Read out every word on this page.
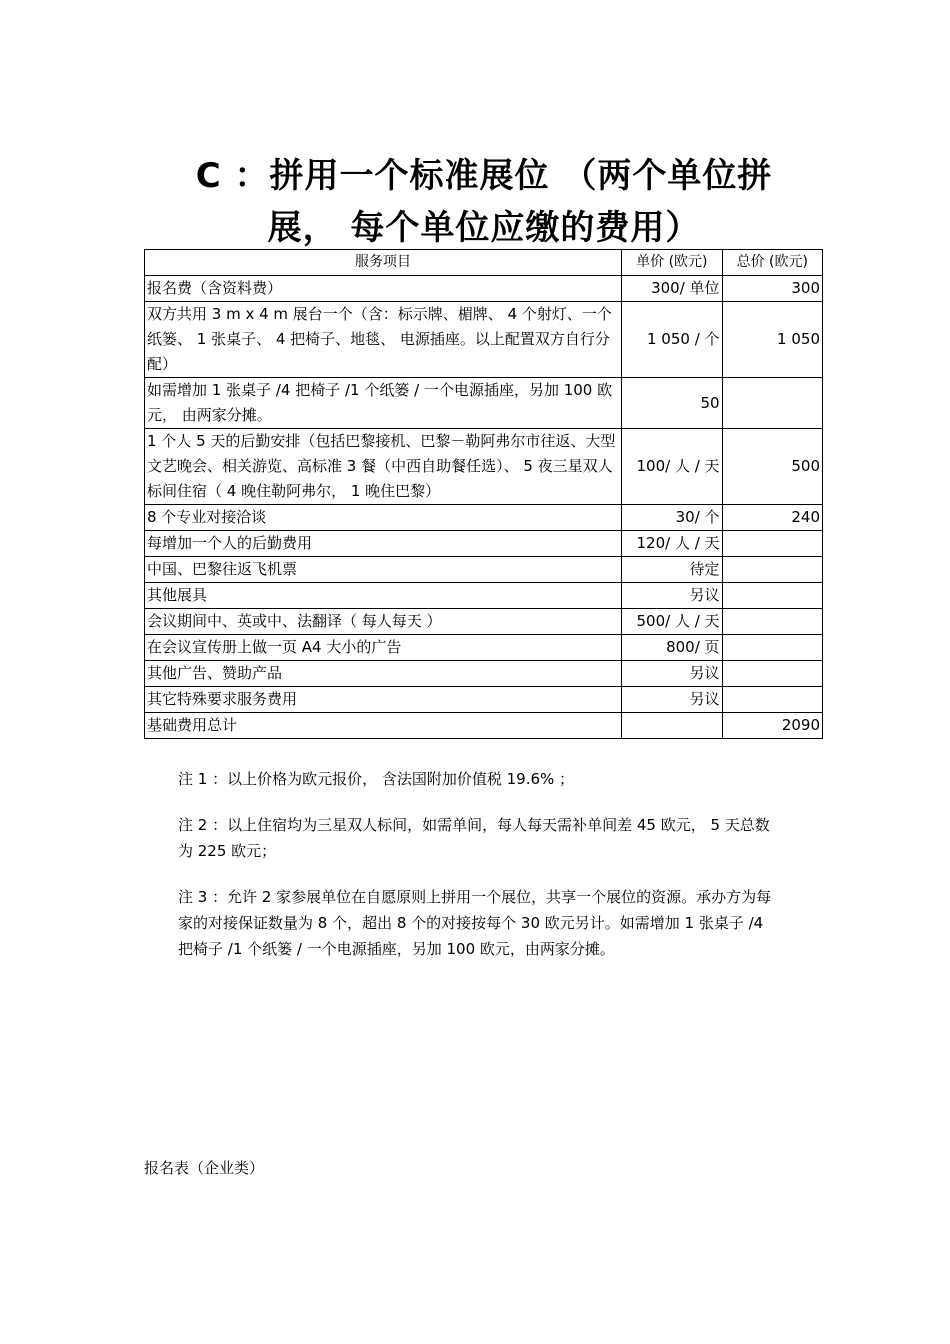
C ：拼用一个标准展位 （两个单位拼
展， 每个单位应缴的费用）
服务项目	单价 (欧元)	总价 (欧元)
报名费（含资料费）	300/ 单位	300
双方共用 3 m x 4 m 展台一个（含：标示牌、楣牌、 4 个射灯、一个纸篓、 1 张桌子、 4 把椅子、地毯、 电源插座。以上配置双方自行分配）	1 050 / 个	1 050
如需增加 1 张桌子 /4 把椅子 /1 个纸篓 / 一个电源插座，另加 100 欧元， 由两家分摊。	50	
1 个人 5 天的后勤安排（包括巴黎接机、巴黎－勒阿弗尔市往返、大型文艺晚会、相关游览、高标准 3 餐（中西自助餐任选）、 5 夜三星双人标间住宿（ 4 晚住勒阿弗尔， 1 晚住巴黎）	100/ 人 / 天	500
8 个专业对接洽谈	30/ 个	240
每增加一个人的后勤费用	120/ 人 / 天	
中国、巴黎往返飞机票	待定	
其他展具	另议	
会议期间中、英或中、法翻译（ 每人每天 ）	500/ 人 / 天	
在会议宣传册上做一页 A4 大小的广告	800/ 页	
其他广告、赞助产品	另议	
其它特殊要求服务费用	另议	
基础费用总计		2090

注 1 ：以上价格为欧元报价， 含法国附加价值税 19.6% ；

注 2 ：以上住宿均为三星双人标间，如需单间，每人每天需补单间差 45 欧元， 5 天总数为 225 欧元；

注 3 ：允许 2 家参展单位在自愿原则上拼用一个展位，共享一个展位的资源。承办方为每家的对接保证数量为 8 个，超出 8 个的对接按每个 30 欧元另计。如需增加 1 张桌子 /4 把椅子 /1 个纸篓 / 一个电源插座，另加 100 欧元，由两家分摊。

报名表（企业类）
